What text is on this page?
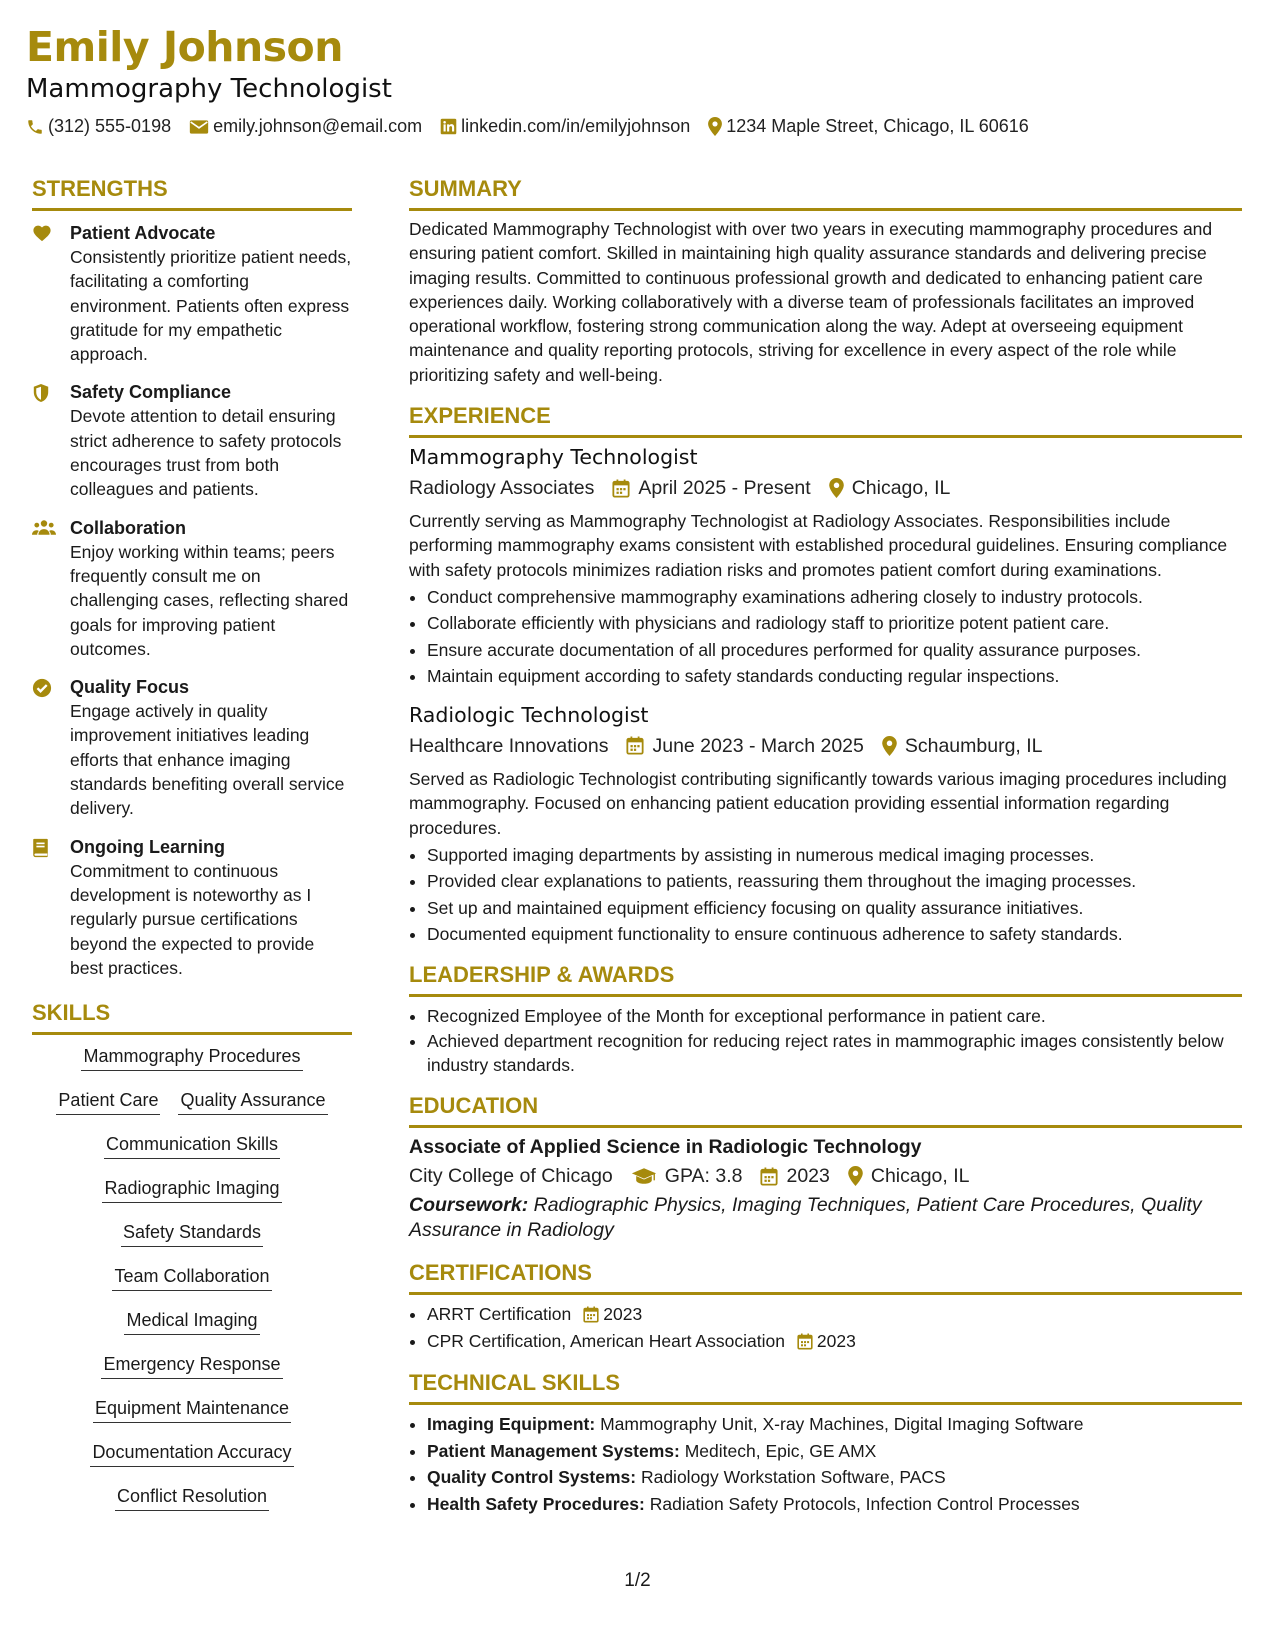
Emily Johnson
Mammography Technologist
(312) 555-0198 emily.johnson@email.com linkedin.com/in/emilyjohnson 1234 Maple Street, Chicago, IL 60616
STRENGTHS
Patient Advocate
Consistently prioritize patient needs, facilitating a comforting environment. Patients often express gratitude for my empathetic approach.
Safety Compliance
Devote attention to detail ensuring strict adherence to safety protocols encourages trust from both colleagues and patients.
Collaboration
Enjoy working within teams; peers frequently consult me on challenging cases, reflecting shared goals for improving patient outcomes.
Quality Focus
Engage actively in quality improvement initiatives leading efforts that enhance imaging standards benefiting overall service delivery.
Ongoing Learning
Commitment to continuous development is noteworthy as I regularly pursue certifications beyond the expected to provide best practices.
SKILLS
Mammography Procedures
Patient Care Quality Assurance
Communication Skills
Radiographic Imaging
Safety Standards
Team Collaboration
Medical Imaging
Emergency Response
Equipment Maintenance
Documentation Accuracy
Conflict Resolution
SUMMARY

Dedicated Mammography Technologist with over two years in executing mammography procedures and ensuring patient comfort. Skilled in maintaining high quality assurance standards and delivering precise imaging results. Committed to continuous professional growth and dedicated to enhancing patient care experiences daily. Working collaboratively with a diverse team of professionals facilitates an improved operational workflow, fostering strong communication along the way. Adept at overseeing equipment maintenance and quality reporting protocols, striving for excellence in every aspect of the role while prioritizing safety and well-being.

EXPERIENCE
Mammography Technologist
Radiology Associates April 2025 - Present Chicago, IL

Currently serving as Mammography Technologist at Radiology Associates. Responsibilities include performing mammography exams consistent with established procedural guidelines. Ensuring compliance with safety protocols minimizes radiation risks and promotes patient comfort during examinations.

• Conduct comprehensive mammography examinations adhering closely to industry protocols.
• Collaborate efficiently with physicians and radiology staff to prioritize potent patient care.
• Ensure accurate documentation of all procedures performed for quality assurance purposes.
• Maintain equipment according to safety standards conducting regular inspections.
Radiologic Technologist
Healthcare Innovations June 2023 - March 2025 Schaumburg, IL

Served as Radiologic Technologist contributing significantly towards various imaging procedures including mammography. Focused on enhancing patient education providing essential information regarding procedures.

• Supported imaging departments by assisting in numerous medical imaging processes.
• Provided clear explanations to patients, reassuring them throughout the imaging processes.
• Set up and maintained equipment efficiency focusing on quality assurance initiatives.
• Documented equipment functionality to ensure continuous adherence to safety standards.
LEADERSHIP & AWARDS
• Recognized Employee of the Month for exceptional performance in patient care.
• Achieved department recognition for reducing reject rates in mammographic images consistently below industry standards.
EDUCATION
Associate of Applied Science in Radiologic Technology
City College of Chicago	GPA: 3.8 2023 Chicago, IL
Coursework: Radiographic Physics, Imaging Techniques, Patient Care Procedures, Quality Assurance in Radiology
CERTIFICATIONS
• ARRT Certification 2023
• CPR Certification, American Heart Association 2023
TECHNICAL SKILLS
• Imaging Equipment: Mammography Unit, X-ray Machines, Digital Imaging Software
• Patient Management Systems: Meditech, Epic, GE AMX
• Quality Control Systems: Radiology Workstation Software, PACS
• Health Safety Procedures: Radiation Safety Protocols, Infection Control Processes
1/2
